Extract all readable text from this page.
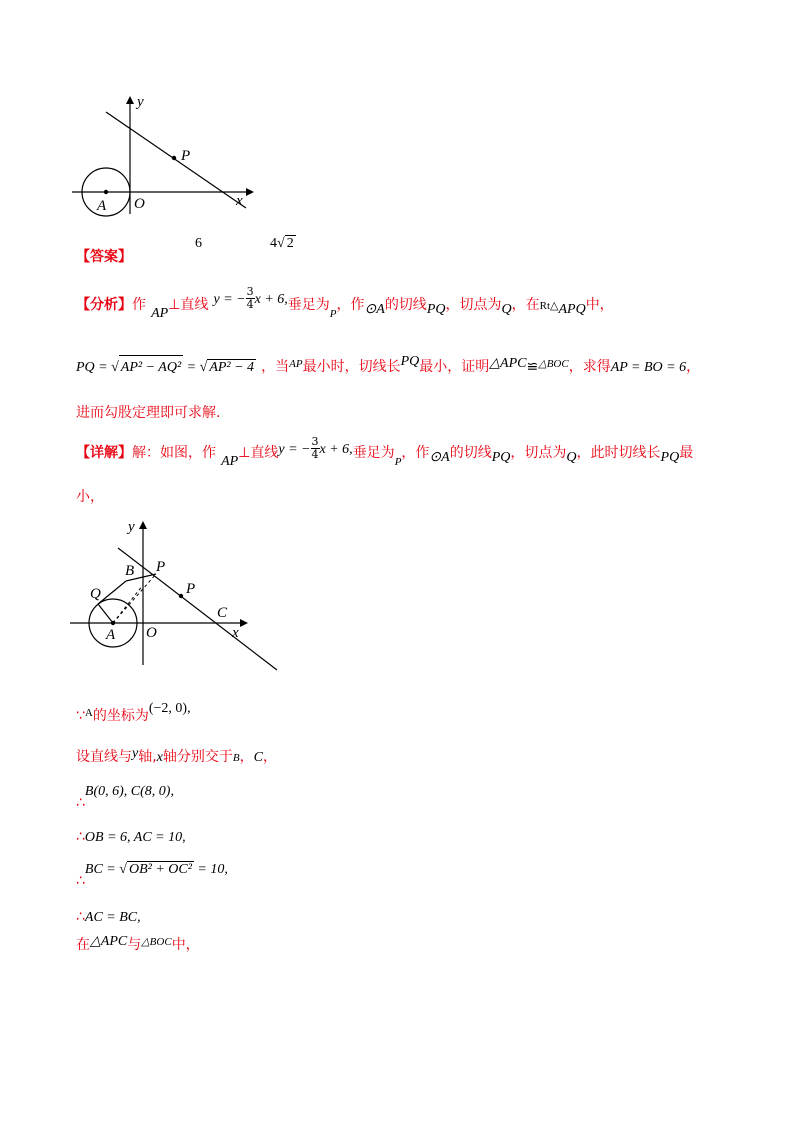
y
x
O
A
P
【答案】
6	4√ 2
【分析】作 AP⊥直线 y = − $\frac{3}{4}$ x + 6,垂足为$_P$，作⊙A的切线PQ，切点为Q，在Rt△APQ中，
PQ = √ AP² − AQ² = √ AP² − 4 ，当$^{AP}$最小时，切线长PQ最小，证明△APC≌$^{\triangle BOC}$，求得AP = BO = 6，
进而勾股定理即可求解.
【详解】解：如图，作 AP⊥直线y = − $\frac{3}{4}$ x + 6,垂足为$_P$，作⊙A的切线PQ，切点为Q，此时切线长PQ最
小，
y
x
O
A
B P
P
Q
C
∵$^A$的坐标为(−2, 0),
设直线与y轴,x轴分别交于B，C，
∴B(0, 6), C(8, 0),
∴OB = 6, AC = 10,
∴BC = √ OB² + OC² = 10,
∴AC = BC,
在△APC与$^{\triangle BOC}$中，
